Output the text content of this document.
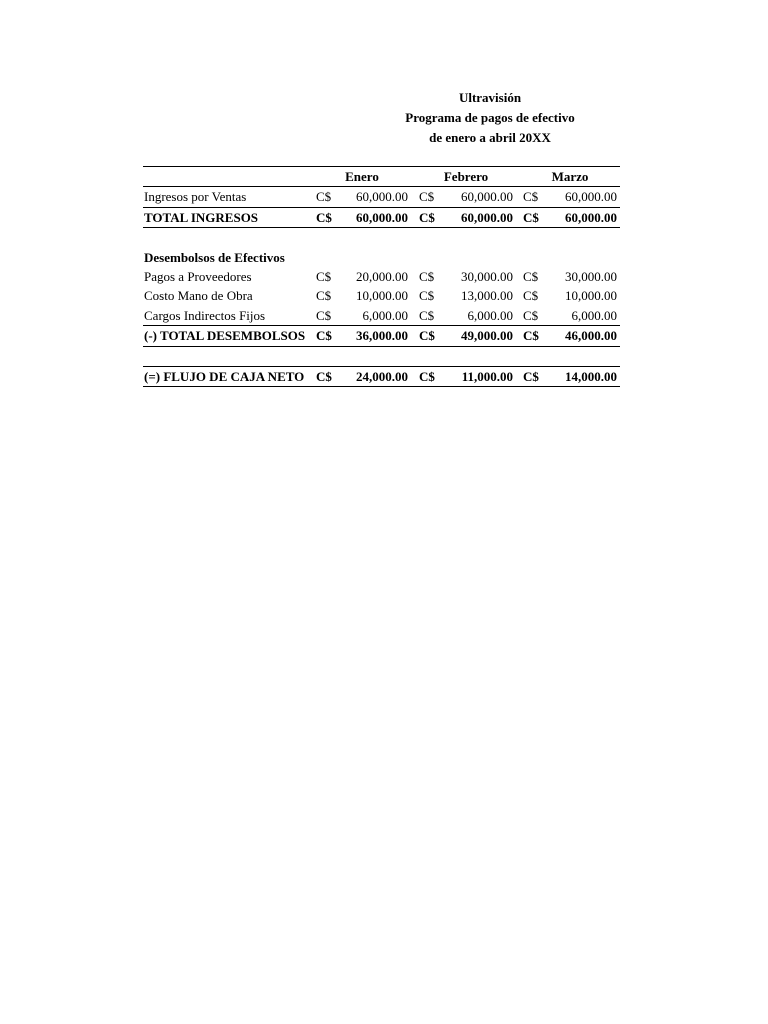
Ultravisión
Programa de pagos de efectivo
de enero a abril 20XX
Enero	Febrero	Marzo
Ingresos por Ventas	C$	60,000.00 C$	60,000.00 C$	60,000.00
TOTAL INGRESOS	C$	60,000.00 C$	60,000.00 C$	60,000.00
Desembolsos de Efectivos
Pagos a Proveedores	C$	20,000.00 C$	30,000.00 C$	30,000.00
Costo Mano de Obra	C$	10,000.00 C$	13,000.00 C$	10,000.00
Cargos Indirectos Fijos	C$	6,000.00 C$	6,000.00 C$	6,000.00
(-) TOTAL DESEMBOLSOS C$	36,000.00 C$	49,000.00 C$	46,000.00
(=) FLUJO DE CAJA NETO C$	24,000.00 C$	11,000.00 C$	14,000.00
